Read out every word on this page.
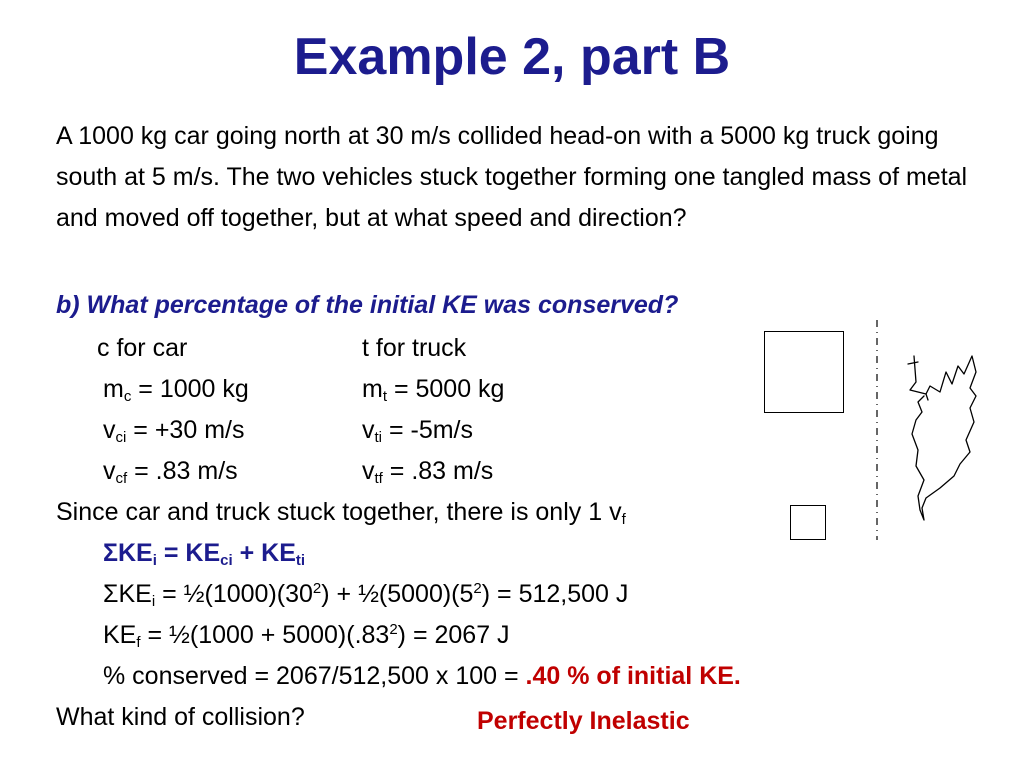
Example 2, part B
A 1000 kg car going north at 30 m/s collided head-on with a 5000 kg truck going south at 5 m/s. The two vehicles stuck together forming one tangled mass of metal and moved off together, but at what speed and direction?
b) What percentage of the initial KE was conserved?
c for car	t for truck
$m_c = 1000$ kg	$m_t = 5000$ kg
$v_{ci} = +30$ m/s	$v_{ti} = -5m/s$
$v_{cf} = .83$ m/s	$v_{tf} = .83$ m/s
Since car and truck stuck together, there is only 1 $v_f$
$\Sigma KE_i = KE_{ci} + KE_{ti}$
$\Sigma KE_i$ = $\frac{1}{2}(1000)(30^2)$ + $\frac{1}{2}(5000)(5^2) = 512,500$ J
$KE_f$ = ½(1000 + $5000)(.83^2) = 2067$ J
% conserved = 2067/512,500 x 100 = .40 % of initial KE.
What kind of collision?	Perfectly Inelastic
